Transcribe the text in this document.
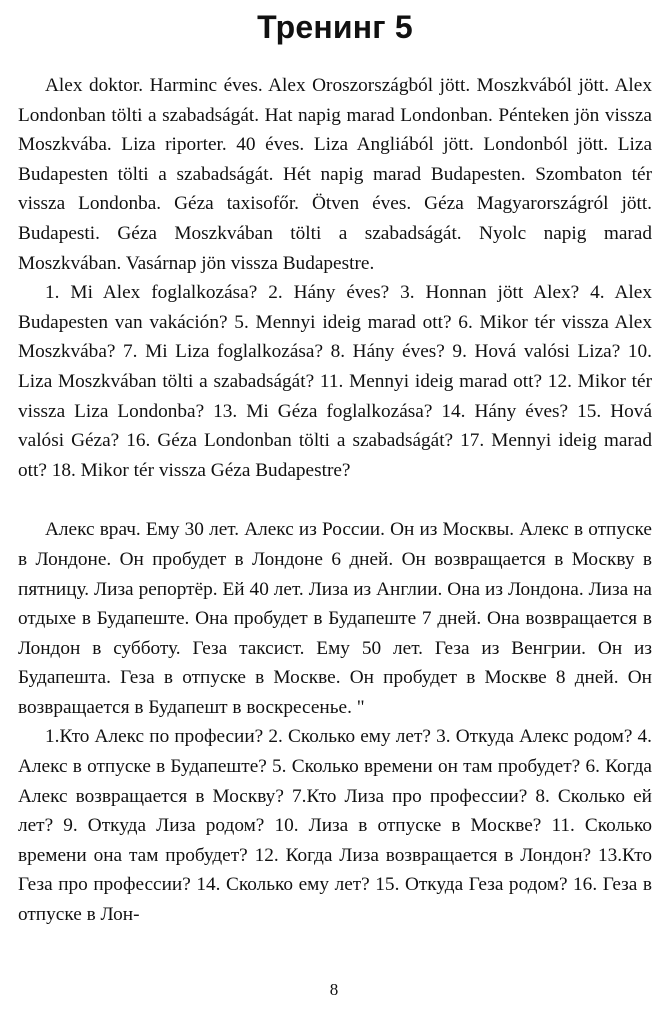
Тренинг 5

Alex doktor. Harminc éves. Alex Oroszországból jött. Moszkvából jött. Alex Londonban tölti a szabadságát. Hat napig marad Londonban. Pénteken jön vissza Moszkvába. Liza riporter. 40 éves. Liza Angliából jött. Londonból jött. Liza Budapesten tölti a szabadságát. Hét napig marad Budapesten. Szombaton tér vissza Londonba. Géza taxisofőr. Ötven éves. Géza Magyarországról jött. Budapesti. Géza Moszkvában tölti a szabadságát. Nyolc napig marad Moszkvában. Vasárnap jön vissza Budapestre.

1. Mi Alex foglalkozása? 2. Hány éves? 3. Honnan jött Alex? 4. Alex Budapesten van vakáción? 5. Mennyi ideig marad ott? 6. Mikor tér vissza Alex Moszkvába? 7. Mi Liza foglalkozása? 8. Hány éves? 9. Hová valósi Liza? 10. Liza Moszkvában tölti a szabadságát? 11. Mennyi ideig marad ott? 12. Mikor tér vissza Liza Londonba? 13. Mi Géza foglalkozása? 14. Hány éves? 15. Hová valósi Géza? 16. Géza Londonban tölti a szabadságát? 17. Mennyi ideig marad ott? 18. Mikor tér vissza Géza Budapestre?

Алекс врач. Ему 30 лет. Алекс из России. Он из Москвы. Алекс в отпуске в Лондоне. Он пробудет в Лондоне 6 дней. Он возвращается в Москву в пятницу. Лиза репортёр. Ей 40 лет. Лиза из Англии. Она из Лондона. Лиза на отдыхе в Будапеште. Она пробудет в Будапеште 7 дней. Она возвращается в Лондон в субботу. Геза таксист. Ему 50 лет. Геза из Венгрии. Он из Будапешта. Геза в отпуске в Москве. Он пробудет в Москве 8 дней. Он возвращается в Будапешт в воскресенье. "

1.Кто Алекс по професии? 2. Сколько ему лет? 3. Откуда Алекс родом? 4. Алекс в отпуске в Будапеште? 5. Сколько времени он там пробудет? 6. Когда Алекс возвращается в Москву? 7.Кто Лиза про професcии? 8. Сколько ей лет? 9. Откуда Лиза родом? 10. Лиза в отпуске в Москве? 11. Сколько времени она там пробудет? 12. Когда Лиза возвращается в Лондон? 13.Кто Геза про професcии? 14. Сколько ему лет? 15. Откуда Геза родом? 16. Геза в отпуске в Лон-

8
